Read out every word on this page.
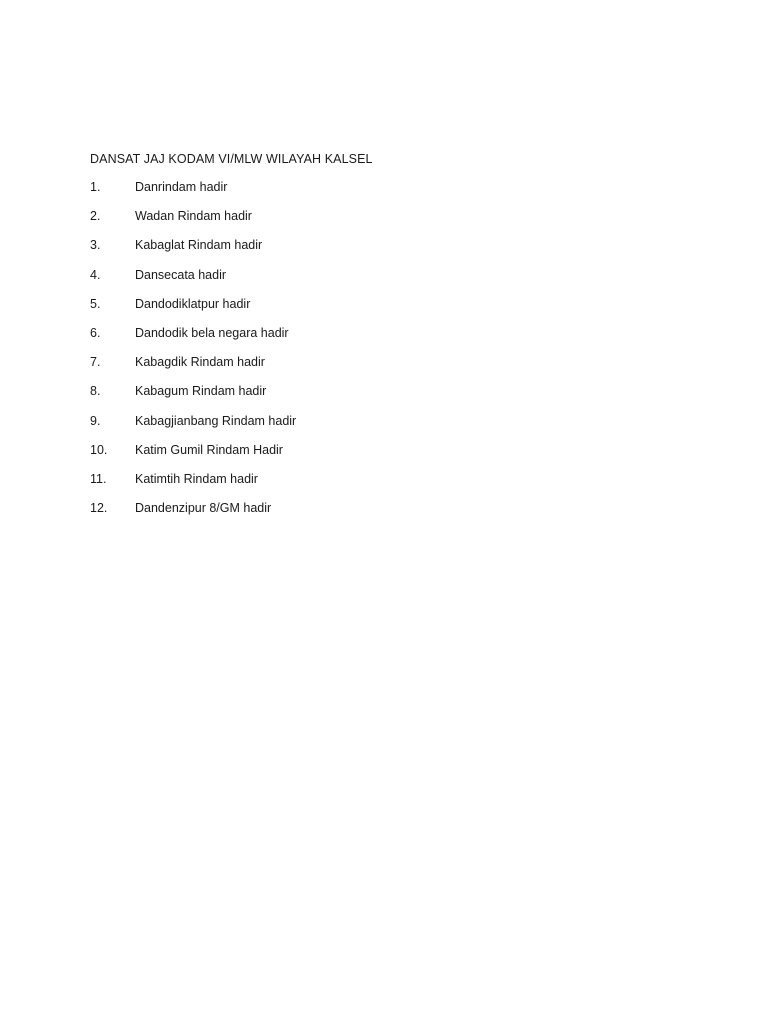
DANSAT JAJ KODAM VI/MLW WILAYAH KALSEL
1.	Danrindam hadir
2.	Wadan Rindam hadir
3.	Kabaglat Rindam hadir
4.	Dansecata hadir
5.	Dandodiklatpur hadir
6.	Dandodik bela negara hadir
7.	Kabagdik Rindam hadir
8.	Kabagum Rindam hadir
9.	Kabagjianbang Rindam hadir
10. Katim Gumil Rindam Hadir
11. Katimtih Rindam hadir
12. Dandenzipur 8/GM hadir
